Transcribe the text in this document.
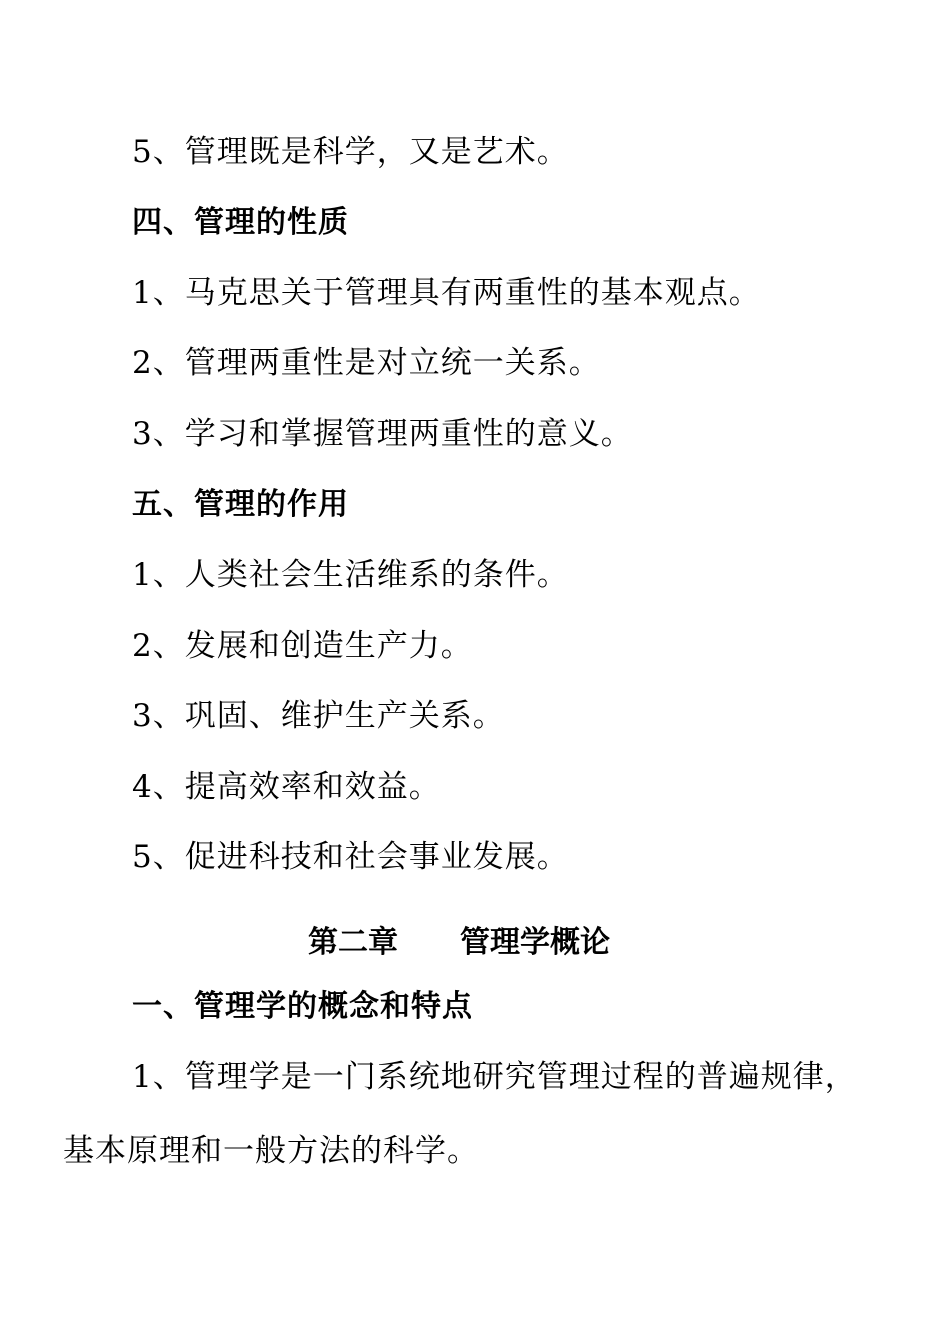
5、管理既是科学，又是艺术。
四、管理的性质
1、马克思关于管理具有两重性的基本观点。
2、管理两重性是对立统一关系。
3、学习和掌握管理两重性的意义。
五、管理的作用
1、人类社会生活维系的条件。
2、发展和创造生产力。
3、巩固、维护生产关系。
4、提高效率和效益。
5、促进科技和社会事业发展。
第二章 管理学概论
一、管理学的概念和特点
1、管理学是一门系统地研究管理过程的普遍规律，
基本原理和一般方法的科学。
